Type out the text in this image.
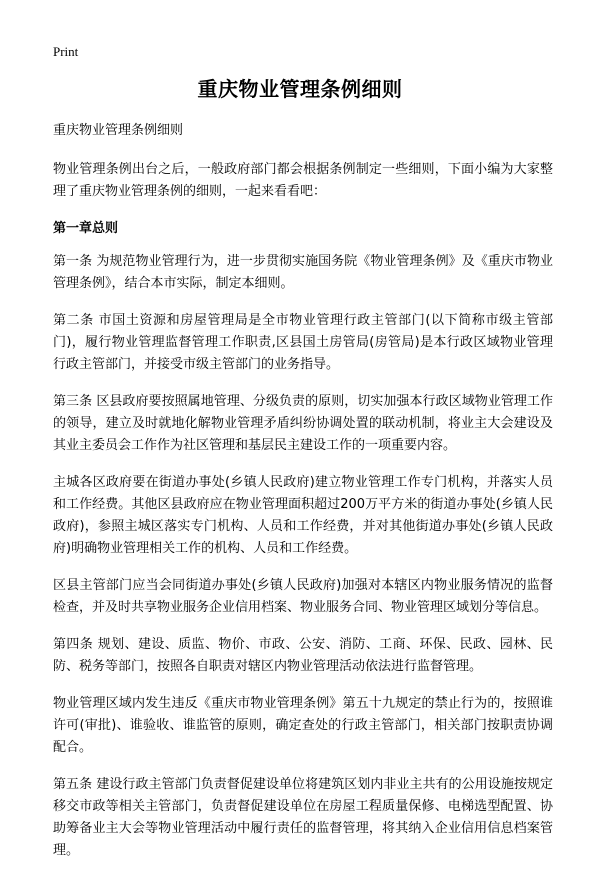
Print
重庆物业管理条例细则

重庆物业管理条例细则

物业管理条例出台之后，一般政府部门都会根据条例制定一些细则，下面小编为大家整理了重庆物业管理条例的细则，一起来看看吧：

第一章总则

第一条 为规范物业管理行为，进一步贯彻实施国务院《物业管理条例》及《重庆市物业管理条例》，结合本市实际，制定本细则。

第二条 市国土资源和房屋管理局是全市物业管理行政主管部门(以下简称市级主管部门)，履行物业管理监督管理工作职责,区县国土房管局(房管局)是本行政区域物业管理行政主管部门，并接受市级主管部门的业务指导。

第三条 区县政府要按照属地管理、分级负责的原则，切实加强本行政区域物业管理工作的领导，建立及时就地化解物业管理矛盾纠纷协调处置的联动机制，将业主大会建设及其业主委员会工作作为社区管理和基层民主建设工作的一项重要内容。

主城各区政府要在街道办事处(乡镇人民政府)建立物业管理工作专门机构，并落实人员和工作经费。其他区县政府应在物业管理面积超过200万平方米的街道办事处(乡镇人民政府)，参照主城区落实专门机构、人员和工作经费，并对其他街道办事处(乡镇人民政府)明确物业管理相关工作的机构、人员和工作经费。

区县主管部门应当会同街道办事处(乡镇人民政府)加强对本辖区内物业服务情况的监督检查，并及时共享物业服务企业信用档案、物业服务合同、物业管理区域划分等信息。

第四条 规划、建设、质监、物价、市政、公安、消防、工商、环保、民政、园林、民防、税务等部门，按照各自职责对辖区内物业管理活动依法进行监督管理。

物业管理区域内发生违反《重庆市物业管理条例》第五十九规定的禁止行为的，按照谁许可(审批)、谁验收、谁监管的原则，确定查处的行政主管部门，相关部门按职责协调配合。

第五条 建设行政主管部门负责督促建设单位将建筑区划内非业主共有的公用设施按规定移交市政等相关主管部门，负责督促建设单位在房屋工程质量保修、电梯选型配置、协助筹备业主大会等物业管理活动中履行责任的监督管理，将其纳入企业信用信息档案管理。
